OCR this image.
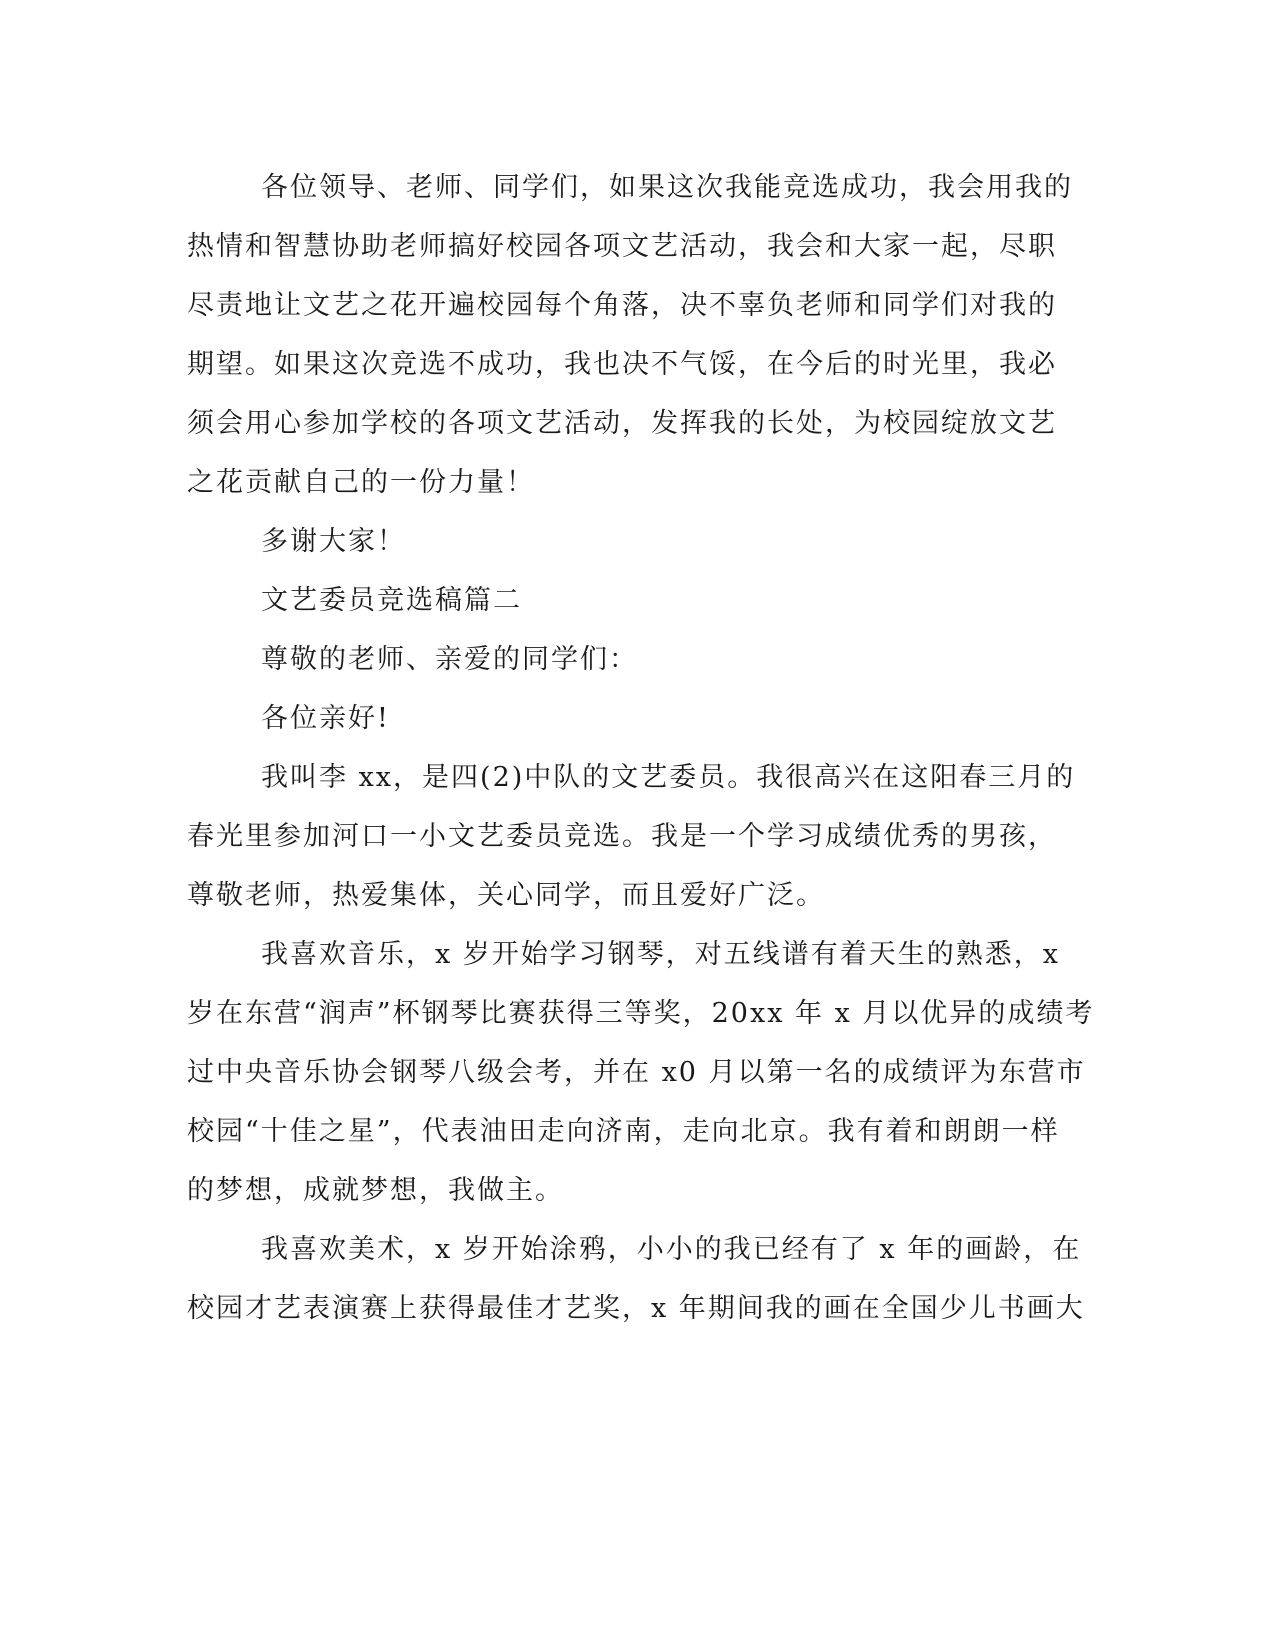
各位领导、老师、同学们，如果这次我能竞选成功，我会用我的
热情和智慧协助老师搞好校园各项文艺活动，我会和大家一起，尽职
尽责地让文艺之花开遍校园每个角落，决不辜负老师和同学们对我的
期望。如果这次竞选不成功，我也决不气馁，在今后的时光里，我必
须会用心参加学校的各项文艺活动，发挥我的长处，为校园绽放文艺
之花贡献自己的一份力量！
多谢大家！
文艺委员竞选稿篇二
尊敬的老师、亲爱的同学们：
各位亲好!
我叫李 xx，是四(2)中队的文艺委员。我很高兴在这阳春三月的
春光里参加河口一小文艺委员竞选。我是一个学习成绩优秀的男孩，
尊敬老师，热爱集体，关心同学，而且爱好广泛。
我喜欢音乐，x 岁开始学习钢琴，对五线谱有着天生的熟悉，x
岁在东营“润声”杯钢琴比赛获得三等奖，20xx 年 x 月以优异的成绩考
过中央音乐协会钢琴八级会考，并在 x0 月以第一名的成绩评为东营市
校园“十佳之星”，代表油田走向济南，走向北京。我有着和朗朗一样
的梦想，成就梦想，我做主。
我喜欢美术，x 岁开始涂鸦，小小的我已经有了 x 年的画龄，在
校园才艺表演赛上获得最佳才艺奖，x 年期间我的画在全国少儿书画大
